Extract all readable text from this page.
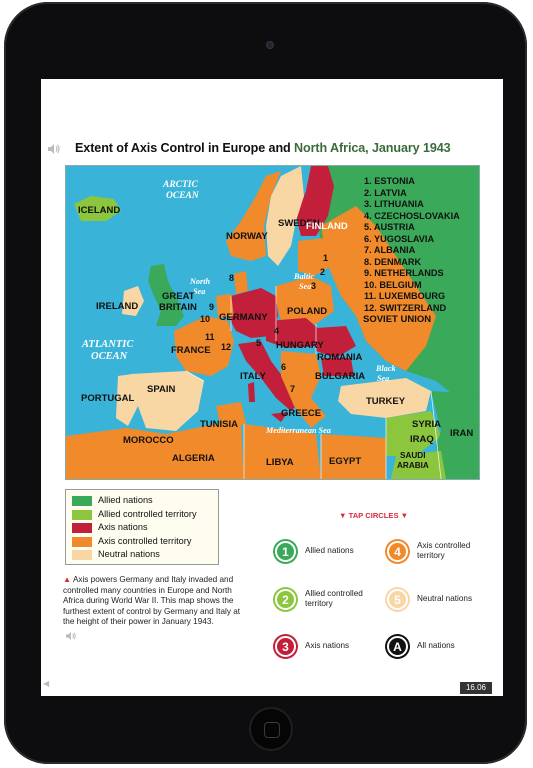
Extent of Axis Control in Europe and North Africa, January 1943
ARCTIC
OCEAN
ICELAND
NORWAY
SWEDEN
FINLAND
North
Sea
Baltic
Sea
IRELAND
GREAT
BRITAIN
GERMANY
POLAND
SOVIET UNION
ATLANTIC
OCEAN
FRANCE	HUNGARY
ROMANIA
BULGARIA
ITALY
Black
Sea
PORTUGAL
SPAIN
TURKEY
GREECE
TUNISIA
Mediterranean Sea
SYRIA
IRAQ
IRAN
MOROCCO
ALGERIA	LIBYA	EGYPT
SAUDI
ARABIA
1
2
3
4
5
6
7
8
9
10
11
12
1. ESTONIA
2. LATVIA
3. LITHUANIA
4. CZECHOSLOVAKIA
5. AUSTRIA
6. YUGOSLAVIA
7. ALBANIA
8. DENMARK
9. NETHERLANDS
10. BELGIUM
11. LUXEMBOURG
12. SWITZERLAND
Allied nations
Allied controlled territory
Axis nations
Axis controlled territory
Neutral nations
▼ TAP CIRCLES ▼
1 Allied nations	4 Axis controlled
territory
2 Allied controlled
territory	5 Neutral nations
3 Axis nations	A All nations
▲ Axis powers Germany and Italy invaded and controlled many countries in Europe and North Africa during World War II. This map shows the furthest extent of control by Germany and Italy at the height of their power in January 1943.
◀	16.06
